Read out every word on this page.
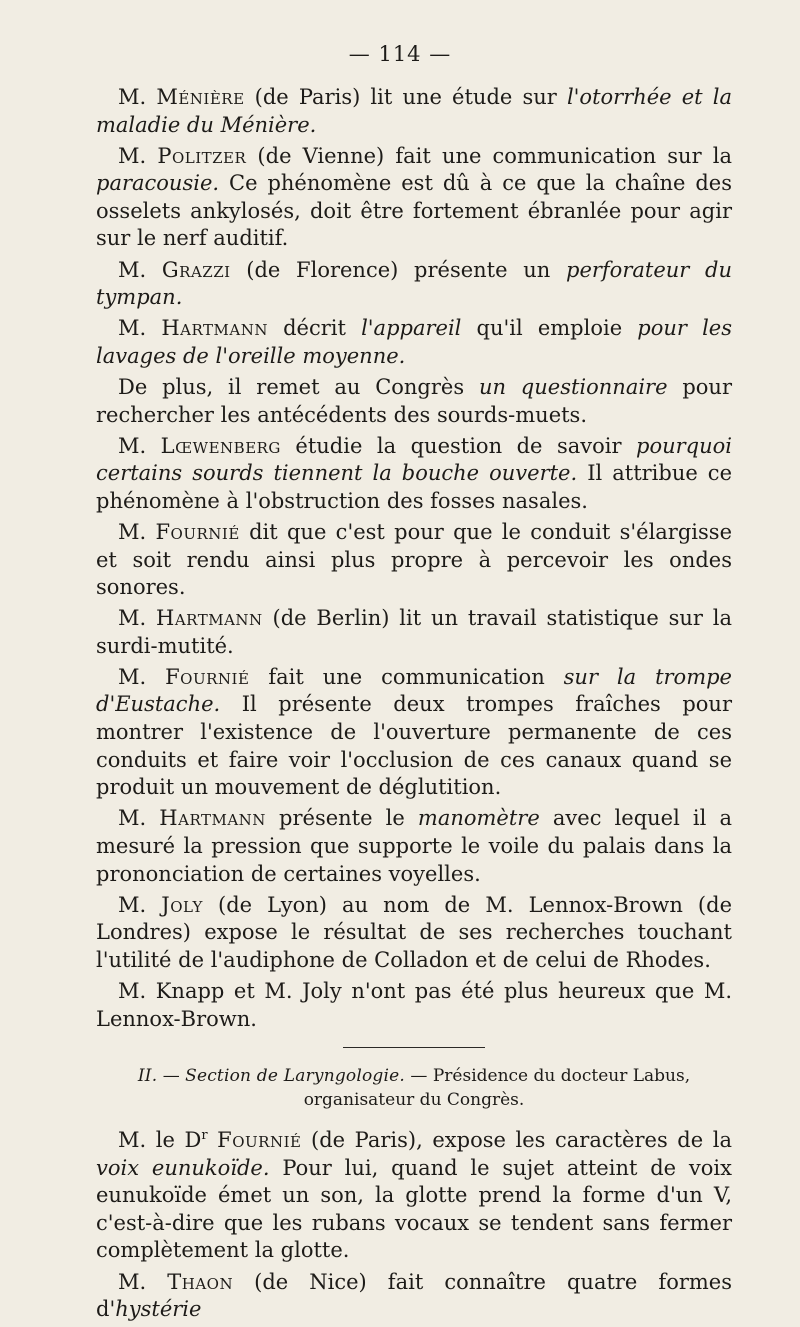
— 114 —

M. Ménière (de Paris) lit une étude sur l'otorrhée et la maladie du Ménière.

M. Politzer (de Vienne) fait une communication sur la paracousie. Ce phénomène est dû à ce que la chaîne des osselets ankylosés, doit être fortement ébranlée pour agir sur le nerf auditif.

M. Grazzi (de Florence) présente un perforateur du tympan.

M. Hartmann décrit l'appareil qu'il emploie pour les lavages de l'oreille moyenne.

De plus, il remet au Congrès un questionnaire pour rechercher les antécédents des sourds-muets.

M. Lœwenberg étudie la question de savoir pourquoi certains sourds tiennent la bouche ouverte. Il attribue ce phénomène à l'obstruction des fosses nasales.

M. Fournié dit que c'est pour que le conduit s'élargisse et soit rendu ainsi plus propre à percevoir les ondes sonores.

M. Hartmann (de Berlin) lit un travail statistique sur la surdi-mutité.

M. Fournié fait une communication sur la trompe d'Eustache. Il présente deux trompes fraîches pour montrer l'existence de l'ouverture permanente de ces conduits et faire voir l'occlusion de ces canaux quand se produit un mouvement de déglutition.

M. Hartmann présente le manomètre avec lequel il a mesuré la pression que supporte le voile du palais dans la prononciation de certaines voyelles.

M. Joly (de Lyon) au nom de M. Lennox-Brown (de Londres) expose le résultat de ses recherches touchant l'utilité de l'audiphone de Colladon et de celui de Rhodes.

M. Knapp et M. Joly n'ont pas été plus heureux que M. Lennox-Brown.

II. — Section de Laryngologie. — Présidence du docteur Labus, organisateur du Congrès.

M. le $D^r$ Fournié (de Paris), expose les caractères de la voix eunukoïde. Pour lui, quand le sujet atteint de voix eunukoïde émet un son, la glotte prend la forme d'un V, c'est-à-dire que les rubans vocaux se tendent sans fermer complètement la glotte.

M. Thaon (de Nice) fait connaître quatre formes d'hystérie
